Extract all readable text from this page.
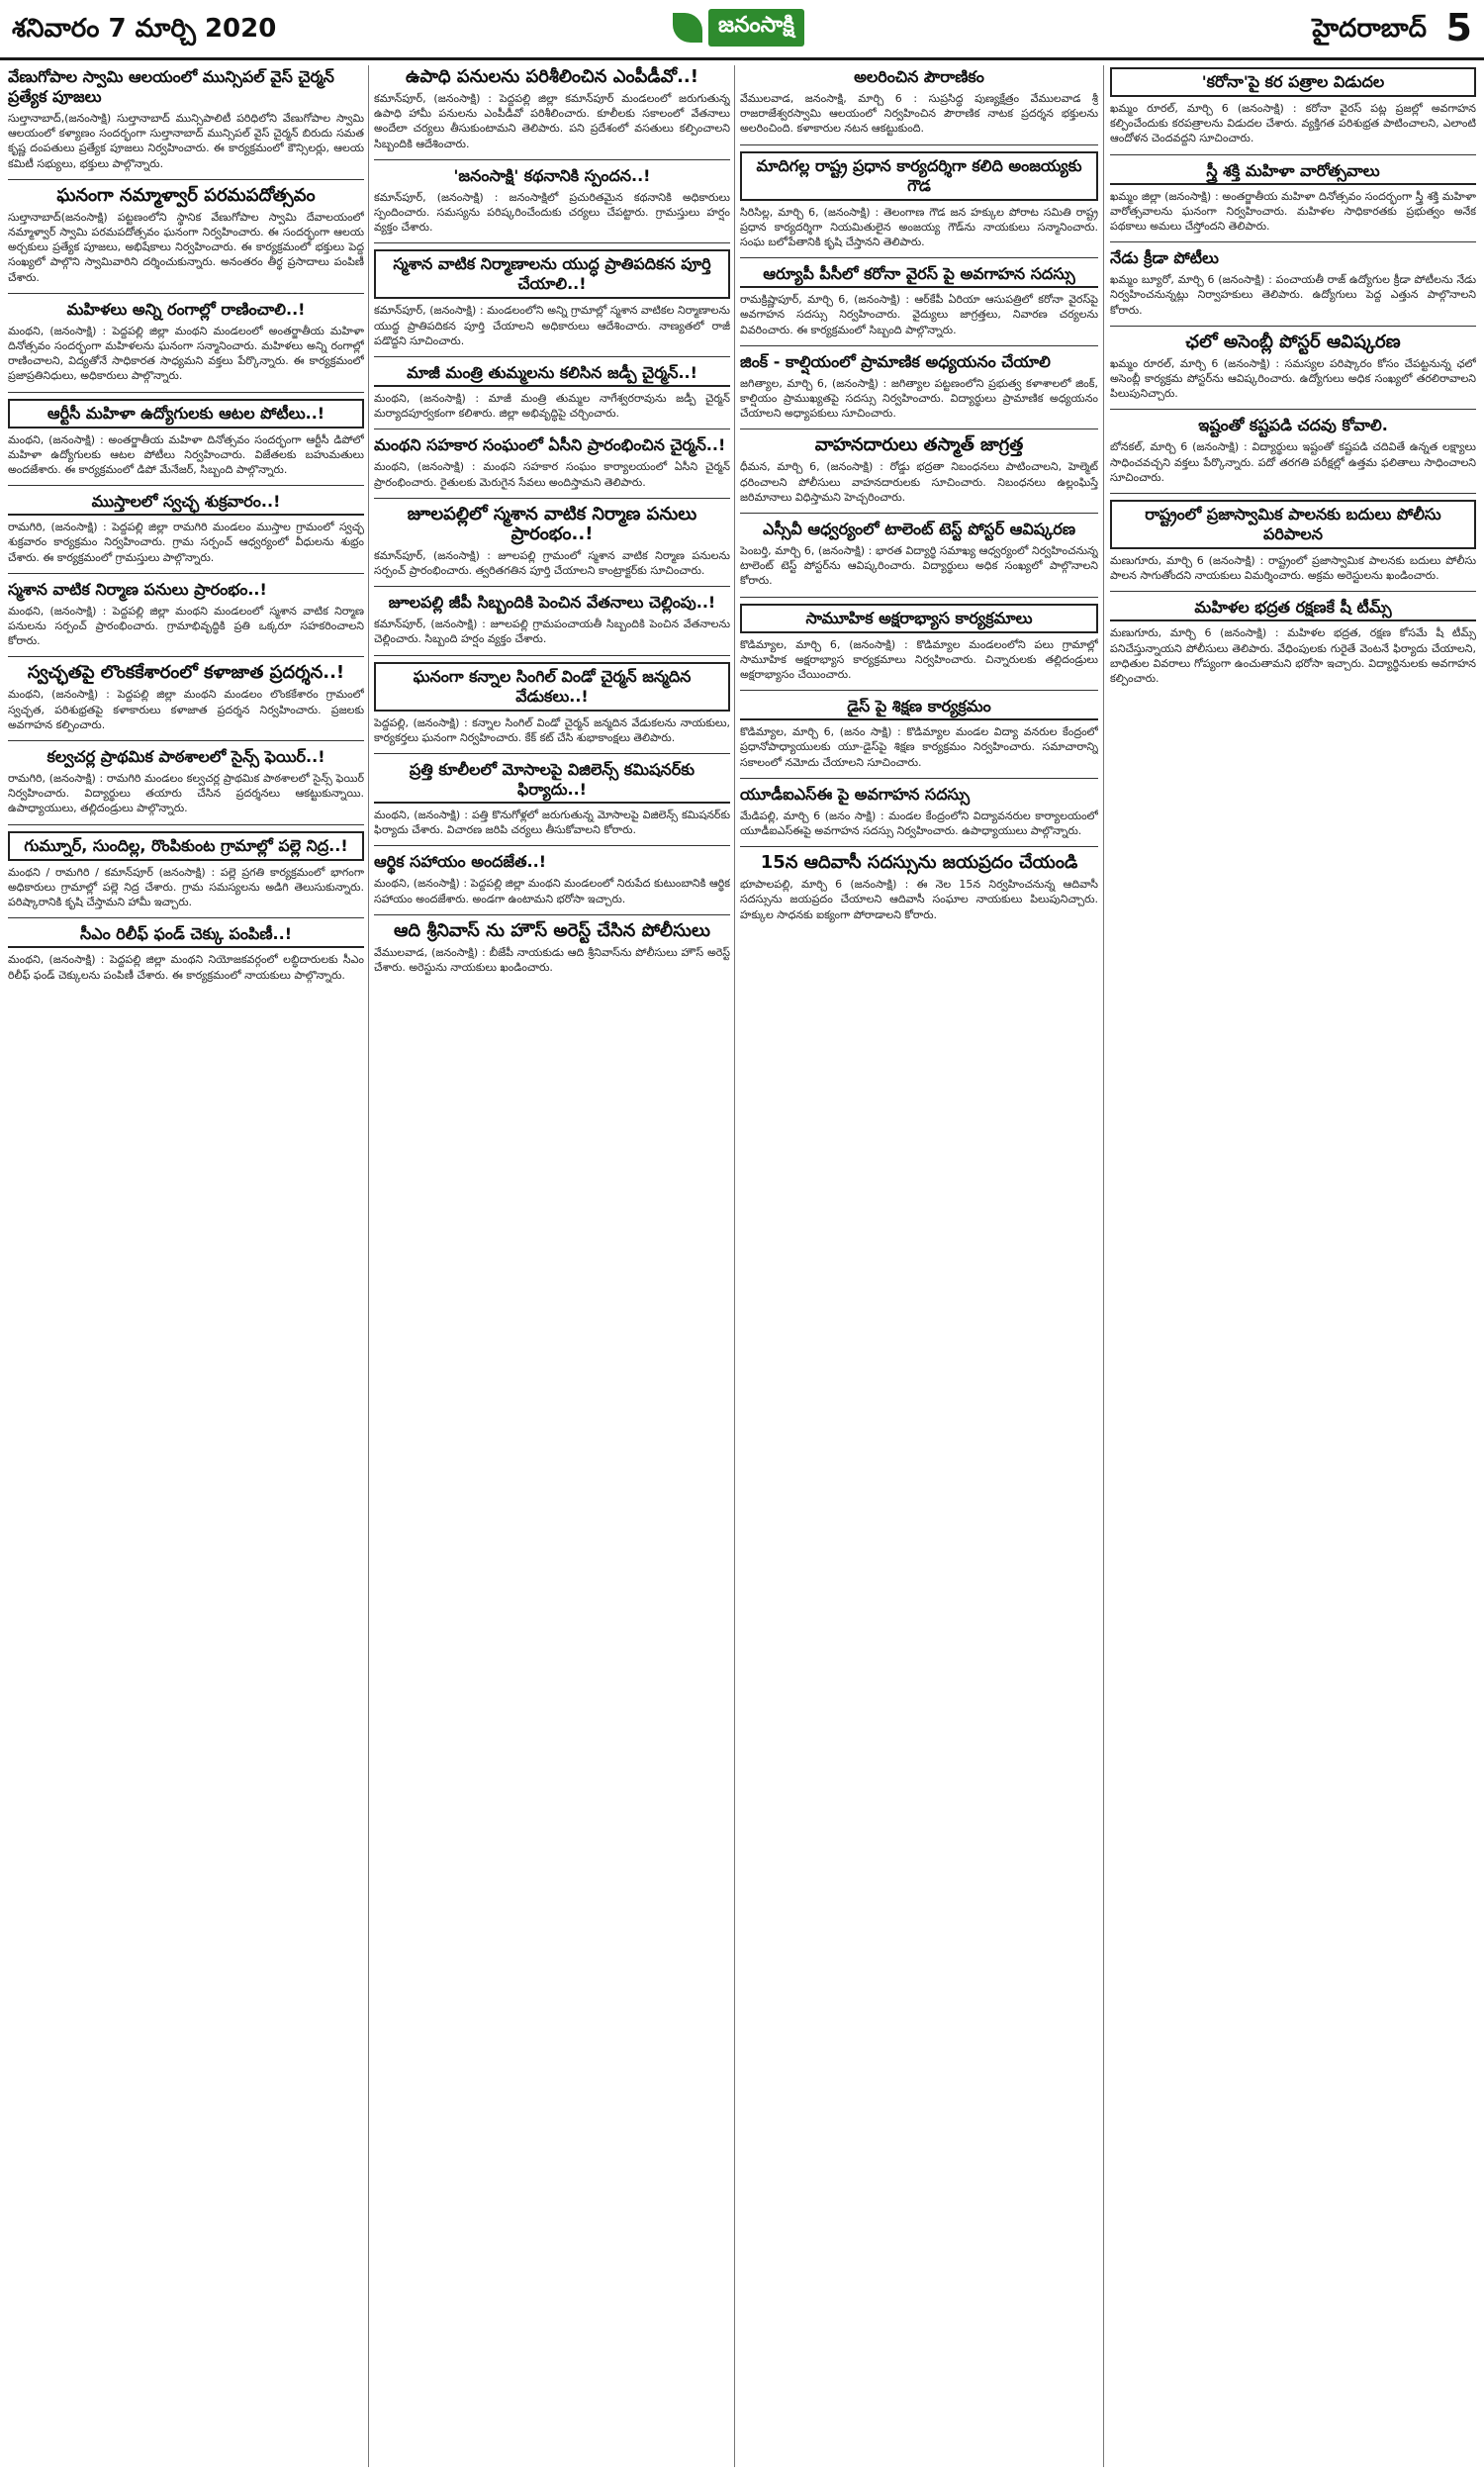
శనివారం 7 మార్చి 2020	జనంసాక్షి	హైదరాబాద్ 5
వేణుగోపాల స్వామి ఆలయంలో మున్సిపల్ వైస్ చైర్మన్ ప్రత్యేక పూజలు

సుల్తానాబాద్,(జనంసాక్షి) సుల్తానాబాద్ మున్సిపాలిటీ పరిధిలోని వేణుగోపాల స్వామి ఆలయంలో కళ్యాణం సందర్భంగా సుల్తానాబాద్ మున్సిపల్ వైస్ చైర్మన్ బిరుదు సమత కృష్ణ దంపతులు ప్రత్యేక పూజలు నిర్వహించారు. ఈ కార్యక్రమంలో కౌన్సిలర్లు, ఆలయ కమిటీ సభ్యులు, భక్తులు పాల్గొన్నారు.

ఘనంగా నమ్మాళ్వార్ పరమపదోత్సవం

సుల్తానాబాద్(జనంసాక్షి) పట్టణంలోని స్థానిక వేణుగోపాల స్వామి దేవాలయంలో నమ్మాళ్వార్ స్వామి పరమపదోత్సవం ఘనంగా నిర్వహించారు. ఈ సందర్భంగా ఆలయ అర్చకులు ప్రత్యేక పూజలు, అభిషేకాలు నిర్వహించారు. ఈ కార్యక్రమంలో భక్తులు పెద్ద సంఖ్యలో పాల్గొని స్వామివారిని దర్శించుకున్నారు. అనంతరం తీర్థ ప్రసాదాలు పంపిణీ చేశారు.

మహిళలు అన్ని రంగాల్లో రాణించాలి..!

మంథని, (జనంసాక్షి) : పెద్దపల్లి జిల్లా మంథని మండలంలో అంతర్జాతీయ మహిళా దినోత్సవం సందర్భంగా మహిళలను ఘనంగా సన్మానించారు. మహిళలు అన్ని రంగాల్లో రాణించాలని, విద్యతోనే సాధికారత సాధ్యమని వక్తలు పేర్కొన్నారు. ఈ కార్యక్రమంలో ప్రజాప్రతినిధులు, అధికారులు పాల్గొన్నారు.

ఆర్టీసీ మహిళా ఉద్యోగులకు ఆటల పోటీలు..!

మంథని, (జనంసాక్షి) : అంతర్జాతీయ మహిళా దినోత్సవం సందర్భంగా ఆర్టీసీ డిపోలో మహిళా ఉద్యోగులకు ఆటల పోటీలు నిర్వహించారు. విజేతలకు బహుమతులు అందజేశారు. ఈ కార్యక్రమంలో డిపో మేనేజర్, సిబ్బంది పాల్గొన్నారు.

ముస్తాలలో స్వచ్ఛ శుక్రవారం..!

రామగిరి, (జనంసాక్షి) : పెద్దపల్లి జిల్లా రామగిరి మండలం ముస్తాల గ్రామంలో స్వచ్ఛ శుక్రవారం కార్యక్రమం నిర్వహించారు. గ్రామ సర్పంచ్ ఆధ్వర్యంలో వీధులను శుభ్రం చేశారు. ఈ కార్యక్రమంలో గ్రామస్తులు పాల్గొన్నారు.

స్మశాన వాటిక నిర్మాణ పనులు ప్రారంభం..!

మంథని, (జనంసాక్షి) : పెద్దపల్లి జిల్లా మంథని మండలంలో స్మశాన వాటిక నిర్మాణ పనులను సర్పంచ్ ప్రారంభించారు. గ్రామాభివృద్ధికి ప్రతి ఒక్కరూ సహకరించాలని కోరారు.

స్వచ్ఛతపై లొంకకేశారంలో కళాజాత ప్రదర్శన..!

మంథని, (జనంసాక్షి) : పెద్దపల్లి జిల్లా మంథని మండలం లొంకకేశారం గ్రామంలో స్వచ్ఛత, పరిశుభ్రతపై కళాకారులు కళాజాత ప్రదర్శన నిర్వహించారు. ప్రజలకు అవగాహన కల్పించారు.

కల్వచర్ల ప్రాథమిక పాఠశాలలో సైన్స్ ఫెయిర్..!

రామగిరి, (జనంసాక్షి) : రామగిరి మండలం కల్వచర్ల ప్రాథమిక పాఠశాలలో సైన్స్ ఫెయిర్ నిర్వహించారు. విద్యార్థులు తయారు చేసిన ప్రదర్శనలు ఆకట్టుకున్నాయి. ఉపాధ్యాయులు, తల్లిదండ్రులు పాల్గొన్నారు.

గుమ్నూర్, సుందిల్ల, రొంపికుంట గ్రామాల్లో పల్లె నిద్ర..!

మంథని / రామగిరి / కమాన్‌పూర్ (జనంసాక్షి) : పల్లె ప్రగతి కార్యక్రమంలో భాగంగా అధికారులు గ్రామాల్లో పల్లె నిద్ర చేశారు. గ్రామ సమస్యలను అడిగి తెలుసుకున్నారు. పరిష్కారానికి కృషి చేస్తామని హామీ ఇచ్చారు.

సీఎం రిలీఫ్ ఫండ్ చెక్కు పంపిణీ..!

మంథని, (జనంసాక్షి) : పెద్దపల్లి జిల్లా మంథని నియోజకవర్గంలో లబ్ధిదారులకు సీఎం రిలీఫ్ ఫండ్ చెక్కులను పంపిణీ చేశారు. ఈ కార్యక్రమంలో నాయకులు పాల్గొన్నారు.

ఉపాధి పనులను పరిశీలించిన ఎంపీడీవో..!

కమాన్‌పూర్, (జనంసాక్షి) : పెద్దపల్లి జిల్లా కమాన్‌పూర్ మండలంలో జరుగుతున్న ఉపాధి హామీ పనులను ఎంపీడీవో పరిశీలించారు. కూలీలకు సకాలంలో వేతనాలు అందేలా చర్యలు తీసుకుంటామని తెలిపారు. పని ప్రదేశంలో వసతులు కల్పించాలని సిబ్బందికి ఆదేశించారు.

'జనంసాక్షి' కథనానికి స్పందన..!

కమాన్‌పూర్, (జనంసాక్షి) : జనంసాక్షిలో ప్రచురితమైన కథనానికి అధికారులు స్పందించారు. సమస్యను పరిష్కరించేందుకు చర్యలు చేపట్టారు. గ్రామస్తులు హర్షం వ్యక్తం చేశారు.

స్మశాన వాటిక నిర్మాణాలను యుద్ధ ప్రాతిపదికన పూర్తి చేయాలి..!

కమాన్‌పూర్, (జనంసాక్షి) : మండలంలోని అన్ని గ్రామాల్లో స్మశాన వాటికల నిర్మాణాలను యుద్ధ ప్రాతిపదికన పూర్తి చేయాలని అధికారులు ఆదేశించారు. నాణ్యతలో రాజీ పడొద్దని సూచించారు.

మాజీ మంత్రి తుమ్మలను కలిసిన జడ్పీ చైర్మన్..!

మంథని, (జనంసాక్షి) : మాజీ మంత్రి తుమ్మల నాగేశ్వరరావును జడ్పీ చైర్మన్ మర్యాదపూర్వకంగా కలిశారు. జిల్లా అభివృద్ధిపై చర్చించారు.

మంథని సహకార సంఘంలో ఏసీని ప్రారంభించిన చైర్మన్..!

మంథని, (జనంసాక్షి) : మంథని సహకార సంఘం కార్యాలయంలో ఏసీని చైర్మన్ ప్రారంభించారు. రైతులకు మెరుగైన సేవలు అందిస్తామని తెలిపారు.

జూలపల్లిలో స్మశాన వాటిక నిర్మాణ పనులు ప్రారంభం..!

కమాన్‌పూర్, (జనంసాక్షి) : జూలపల్లి గ్రామంలో స్మశాన వాటిక నిర్మాణ పనులను సర్పంచ్ ప్రారంభించారు. త్వరితగతిన పూర్తి చేయాలని కాంట్రాక్టర్‌కు సూచించారు.

జూలపల్లి జీపీ సిబ్బందికి పెంచిన వేతనాలు చెల్లింపు..!

కమాన్‌పూర్, (జనంసాక్షి) : జూలపల్లి గ్రామపంచాయతీ సిబ్బందికి పెంచిన వేతనాలను చెల్లించారు. సిబ్బంది హర్షం వ్యక్తం చేశారు.

ఘనంగా కన్నాల సింగిల్ విండో చైర్మన్ జన్మదిన వేడుకలు..!

పెద్దపల్లి, (జనంసాక్షి) : కన్నాల సింగిల్ విండో చైర్మన్ జన్మదిన వేడుకలను నాయకులు, కార్యకర్తలు ఘనంగా నిర్వహించారు. కేక్ కట్ చేసి శుభాకాంక్షలు తెలిపారు.

ప్రత్తి కూలీలలో మోసాలపై విజిలెన్స్ కమిషనర్‌కు ఫిర్యాదు..!

మంథని, (జనంసాక్షి) : పత్తి కొనుగోళ్లలో జరుగుతున్న మోసాలపై విజిలెన్స్ కమిషనర్‌కు ఫిర్యాదు చేశారు. విచారణ జరిపి చర్యలు తీసుకోవాలని కోరారు.

ఆర్థిక సహాయం అందజేత..!

మంథని, (జనంసాక్షి) : పెద్దపల్లి జిల్లా మంథని మండలంలో నిరుపేద కుటుంబానికి ఆర్థిక సహాయం అందజేశారు. అండగా ఉంటామని భరోసా ఇచ్చారు.

ఆది శ్రీనివాస్ ను హౌస్ అరెస్ట్ చేసిన పోలీసులు

వేములవాడ, (జనంసాక్షి) : బీజేపీ నాయకుడు ఆది శ్రీనివాస్‌ను పోలీసులు హౌస్ అరెస్ట్ చేశారు. అరెస్టును నాయకులు ఖండించారు.

అలరించిన పౌరాణికం

వేములవాడ, జనంసాక్షి, మార్చి 6 : సుప్రసిద్ధ పుణ్యక్షేత్రం వేములవాడ శ్రీ రాజరాజేశ్వరస్వామి ఆలయంలో నిర్వహించిన పౌరాణిక నాటక ప్రదర్శన భక్తులను అలరించింది. కళాకారుల నటన ఆకట్టుకుంది.

మాదిగల్ల రాష్ట్ర ప్రధాన కార్యదర్శిగా కలిది అంజయ్యకు గౌడ

సిరిసిల్ల, మార్చి 6, (జనంసాక్షి) : తెలంగాణ గౌడ జన హక్కుల పోరాట సమితి రాష్ట్ర ప్రధాన కార్యదర్శిగా నియమితులైన అంజయ్య గౌడ్‌ను నాయకులు సన్మానించారు. సంఘ బలోపేతానికి కృషి చేస్తానని తెలిపారు.

ఆర్యూపీ పీసీలో కరోనా వైరస్ పై అవగాహన సదస్సు

రామక్రిష్ణాపూర్, మార్చి 6, (జనంసాక్షి) : ఆర్‌కేపీ ఏరియా ఆసుపత్రిలో కరోనా వైరస్‌పై అవగాహన సదస్సు నిర్వహించారు. వైద్యులు జాగ్రత్తలు, నివారణ చర్యలను వివరించారు. ఈ కార్యక్రమంలో సిబ్బంది పాల్గొన్నారు.

జింక్ - కాల్షియంలో ప్రామాణిక అధ్యయనం చేయాలి

జగిత్యాల, మార్చి 6, (జనంసాక్షి) : జగిత్యాల పట్టణంలోని ప్రభుత్వ కళాశాలలో జింక్, కాల్షియం ప్రాముఖ్యతపై సదస్సు నిర్వహించారు. విద్యార్థులు ప్రామాణిక అధ్యయనం చేయాలని అధ్యాపకులు సూచించారు.

వాహనదారులు తస్మాత్ జాగ్రత్త

ధీమన, మార్చి 6, (జనంసాక్షి) : రోడ్డు భద్రతా నిబంధనలు పాటించాలని, హెల్మెట్ ధరించాలని పోలీసులు వాహనదారులకు సూచించారు. నిబంధనలు ఉల్లంఘిస్తే జరిమానాలు విధిస్తామని హెచ్చరించారు.

ఎస్సీవీ ఆధ్వర్యంలో టాలెంట్ టెస్ట్ పోస్టర్ ఆవిష్కరణ

పెంబర్తి, మార్చి 6, (జనంసాక్షి) : భారత విద్యార్థి సమాఖ్య ఆధ్వర్యంలో నిర్వహించనున్న టాలెంట్ టెస్ట్ పోస్టర్‌ను ఆవిష్కరించారు. విద్యార్థులు అధిక సంఖ్యలో పాల్గొనాలని కోరారు.

సామూహిక అక్షరాభ్యాస కార్యక్రమాలు

కొడిమ్యాల, మార్చి 6, (జనంసాక్షి) : కొడిమ్యాల మండలంలోని పలు గ్రామాల్లో సామూహిక అక్షరాభ్యాస కార్యక్రమాలు నిర్వహించారు. చిన్నారులకు తల్లిదండ్రులు అక్షరాభ్యాసం చేయించారు.

డైస్ పై శిక్షణ కార్యక్రమం

కొడిమ్యాల, మార్చి 6, (జనం సాక్షి) : కొడిమ్యాల మండల విద్యా వనరుల కేంద్రంలో ప్రధానోపాధ్యాయులకు యూ-డైస్‌పై శిక్షణ కార్యక్రమం నిర్వహించారు. సమాచారాన్ని సకాలంలో నమోదు చేయాలని సూచించారు.

యూడీఐఎస్‌ఈ పై అవగాహన సదస్సు

మేడిపల్లి, మార్చి 6 (జనం సాక్షి) : మండల కేంద్రంలోని విద్యావనరుల కార్యాలయంలో యూడీఐఎస్‌ఈపై అవగాహన సదస్సు నిర్వహించారు. ఉపాధ్యాయులు పాల్గొన్నారు.

15న ఆదివాసీ సదస్సును జయప్రదం చేయండి

భూపాలపల్లి, మార్చి 6 (జనంసాక్షి) : ఈ నెల 15న నిర్వహించనున్న ఆదివాసీ సదస్సును జయప్రదం చేయాలని ఆదివాసీ సంఘాల నాయకులు పిలుపునిచ్చారు. హక్కుల సాధనకు ఐక్యంగా పోరాడాలని కోరారు.

'కరోనా'పై కర పత్రాల విడుదల

ఖమ్మం రూరల్, మార్చి 6 (జనంసాక్షి) : కరోనా వైరస్ పట్ల ప్రజల్లో అవగాహన కల్పించేందుకు కరపత్రాలను విడుదల చేశారు. వ్యక్తిగత పరిశుభ్రత పాటించాలని, ఎలాంటి ఆందోళన చెందవద్దని సూచించారు.

స్త్రీ శక్తి మహిళా వారోత్సవాలు

ఖమ్మం జిల్లా (జనంసాక్షి) : అంతర్జాతీయ మహిళా దినోత్సవం సందర్భంగా స్త్రీ శక్తి మహిళా వారోత్సవాలను ఘనంగా నిర్వహించారు. మహిళల సాధికారతకు ప్రభుత్వం అనేక పథకాలు అమలు చేస్తోందని తెలిపారు.

నేడు క్రీడా పోటీలు

ఖమ్మం బ్యూరో, మార్చి 6 (జనంసాక్షి) : పంచాయతీ రాజ్ ఉద్యోగుల క్రీడా పోటీలను నేడు నిర్వహించనున్నట్లు నిర్వాహకులు తెలిపారు. ఉద్యోగులు పెద్ద ఎత్తున పాల్గొనాలని కోరారు.

ఛలో అసెంబ్లీ పోస్టర్ ఆవిష్కరణ

ఖమ్మం రూరల్, మార్చి 6 (జనంసాక్షి) : సమస్యల పరిష్కారం కోసం చేపట్టనున్న ఛలో అసెంబ్లీ కార్యక్రమ పోస్టర్‌ను ఆవిష్కరించారు. ఉద్యోగులు అధిక సంఖ్యలో తరలిరావాలని పిలుపునిచ్చారు.

ఇష్టంతో కష్టపడి చదవు కోవాలి.

బోనకల్, మార్చి 6 (జనంసాక్షి) : విద్యార్థులు ఇష్టంతో కష్టపడి చదివితే ఉన్నత లక్ష్యాలు సాధించవచ్చని వక్తలు పేర్కొన్నారు. పదో తరగతి పరీక్షల్లో ఉత్తమ ఫలితాలు సాధించాలని సూచించారు.

రాష్ట్రంలో ప్రజాస్వామిక పాలనకు బదులు పోలీసు పరిపాలన

మణుగూరు, మార్చి 6 (జనంసాక్షి) : రాష్ట్రంలో ప్రజాస్వామిక పాలనకు బదులు పోలీసు పాలన సాగుతోందని నాయకులు విమర్శించారు. అక్రమ అరెస్టులను ఖండించారు.

మహిళల భద్రత రక్షణకే షీ టీమ్స్

మణుగూరు, మార్చి 6 (జనంసాక్షి) : మహిళల భద్రత, రక్షణ కోసమే షీ టీమ్స్ పనిచేస్తున్నాయని పోలీసులు తెలిపారు. వేధింపులకు గురైతే వెంటనే ఫిర్యాదు చేయాలని, బాధితుల వివరాలు గోప్యంగా ఉంచుతామని భరోసా ఇచ్చారు. విద్యార్థినులకు అవగాహన కల్పించారు.
